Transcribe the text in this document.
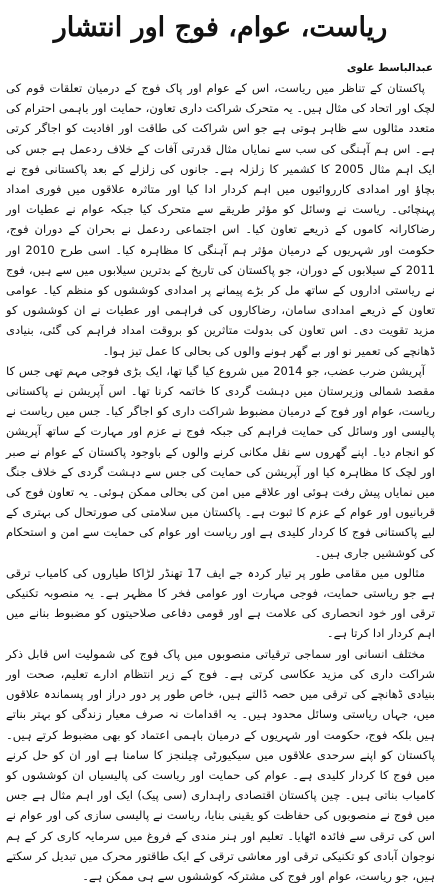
ریاست، عوام، فوج اور انتشار
عبدالباسط علوی

پاکستان کے تناظر میں ریاست، اس کے عوام اور پاک فوج کے درمیان تعلقات قوم کی لچک اور اتحاد کی مثال ہیں۔ یہ متحرک شراکت داری تعاون، حمایت اور باہمی احترام کی متعدد مثالوں سے ظاہر ہوتی ہے جو اس شراکت کی طاقت اور افادیت کو اجاگر کرتی ہے۔ اس ہم آہنگی کی سب سے نمایاں مثال قدرتی آفات کے خلاف ردعمل ہے جس کی ایک اہم مثال 2005 کا کشمیر کا زلزلہ ہے۔ جانوں کی زلزلے کے بعد پاکستانی فوج نے بچاؤ اور امدادی کارروائیوں میں اہم کردار ادا کیا اور متاثرہ علاقوں میں فوری امداد پہنچائی۔ ریاست نے وسائل کو مؤثر طریقے سے متحرک کیا جبکہ عوام نے عطیات اور رضاکارانہ کاموں کے ذریعے تعاون کیا۔ اس اجتماعی ردعمل نے بحران کے دوران فوج، حکومت اور شہریوں کے درمیان مؤثر ہم آہنگی کا مظاہرہ کیا۔ اسی طرح 2010 اور 2011 کے سیلابوں کے دوران، جو پاکستان کی تاریخ کے بدترین سیلابوں میں سے ہیں، فوج نے ریاستی اداروں کے ساتھ مل کر بڑے پیمانے پر امدادی کوششوں کو منظم کیا۔ عوامی تعاون کے ذریعے امدادی سامان، رضاکاروں کی فراہمی اور عطیات نے ان کوششوں کو مزید تقویت دی۔ اس تعاون کی بدولت متاثرین کو بروقت امداد فراہم کی گئی، بنیادی ڈھانچے کی تعمیر نو اور بے گھر ہونے والوں کی بحالی کا عمل تیز ہوا۔

آپریشن ضرب عضب، جو 2014 میں شروع کیا گیا تھا، ایک بڑی فوجی مہم تھی جس کا مقصد شمالی وزیرستان میں دہشت گردی کا خاتمہ کرنا تھا۔ اس آپریشن نے پاکستانی ریاست، عوام اور فوج کے درمیان مضبوط شراکت داری کو اجاگر کیا۔ جس میں ریاست نے پالیسی اور وسائل کی حمایت فراہم کی جبکہ فوج نے عزم اور مہارت کے ساتھ آپریشن کو انجام دیا۔ اپنے گھروں سے نقل مکانی کرنے والوں کے باوجود پاکستان کے عوام نے صبر اور لچک کا مظاہرہ کیا اور آپریشن کی حمایت کی جس سے دہشت گردی کے خلاف جنگ میں نمایاں پیش رفت ہوئی اور علاقے میں امن کی بحالی ممکن ہوئی۔ یہ تعاون فوج کی قربانیوں اور عوام کے عزم کا ثبوت ہے۔ پاکستان میں سلامتی کی صورتحال کی بہتری کے لیے پاکستانی فوج کا کردار کلیدی ہے اور ریاست اور عوام کی حمایت سے امن و استحکام کی کوششیں جاری ہیں۔

مثالوں میں مقامی طور پر تیار کردہ جے ایف 17 تھنڈر لڑاکا طیاروں کی کامیاب ترقی ہے جو ریاستی حمایت، فوجی مہارت اور عوامی فخر کا مظہر ہے۔ یہ منصوبہ تکنیکی ترقی اور خود انحصاری کی علامت ہے اور قومی دفاعی صلاحیتوں کو مضبوط بنانے میں اہم کردار ادا کرتا ہے۔

مختلف انسانی اور سماجی ترقیاتی منصوبوں میں پاک فوج کی شمولیت اس قابل ذکر شراکت داری کی مزید عکاسی کرتی ہے۔ فوج کے زیر انتظام ادارے تعلیم، صحت اور بنیادی ڈھانچے کی ترقی میں حصہ ڈالتے ہیں، خاص طور پر دور دراز اور پسماندہ علاقوں میں، جہاں ریاستی وسائل محدود ہیں۔ یہ اقدامات نہ صرف معیار زندگی کو بہتر بناتے ہیں بلکہ فوج، حکومت اور شہریوں کے درمیان باہمی اعتماد کو بھی مضبوط کرتے ہیں۔ پاکستان کو اپنے سرحدی علاقوں میں سیکیورٹی چیلنجز کا سامنا ہے اور ان کو حل کرنے میں فوج کا کردار کلیدی ہے۔ عوام کی حمایت اور ریاست کی پالیسیاں ان کوششوں کو کامیاب بناتی ہیں۔ چین پاکستان اقتصادی راہداری (سی پیک) ایک اور اہم مثال ہے جس میں فوج نے منصوبوں کی حفاظت کو یقینی بنایا، ریاست نے پالیسی سازی کی اور عوام نے اس کی ترقی سے فائدہ اٹھایا۔ تعلیم اور ہنر مندی کے فروغ میں سرمایہ کاری کر کے ہم نوجوان آبادی کو تکنیکی ترقی اور معاشی ترقی کے ایک طاقتور محرک میں تبدیل کر سکتے ہیں، جو ریاست، عوام اور فوج کی مشترکہ کوششوں سے ہی ممکن ہے۔
